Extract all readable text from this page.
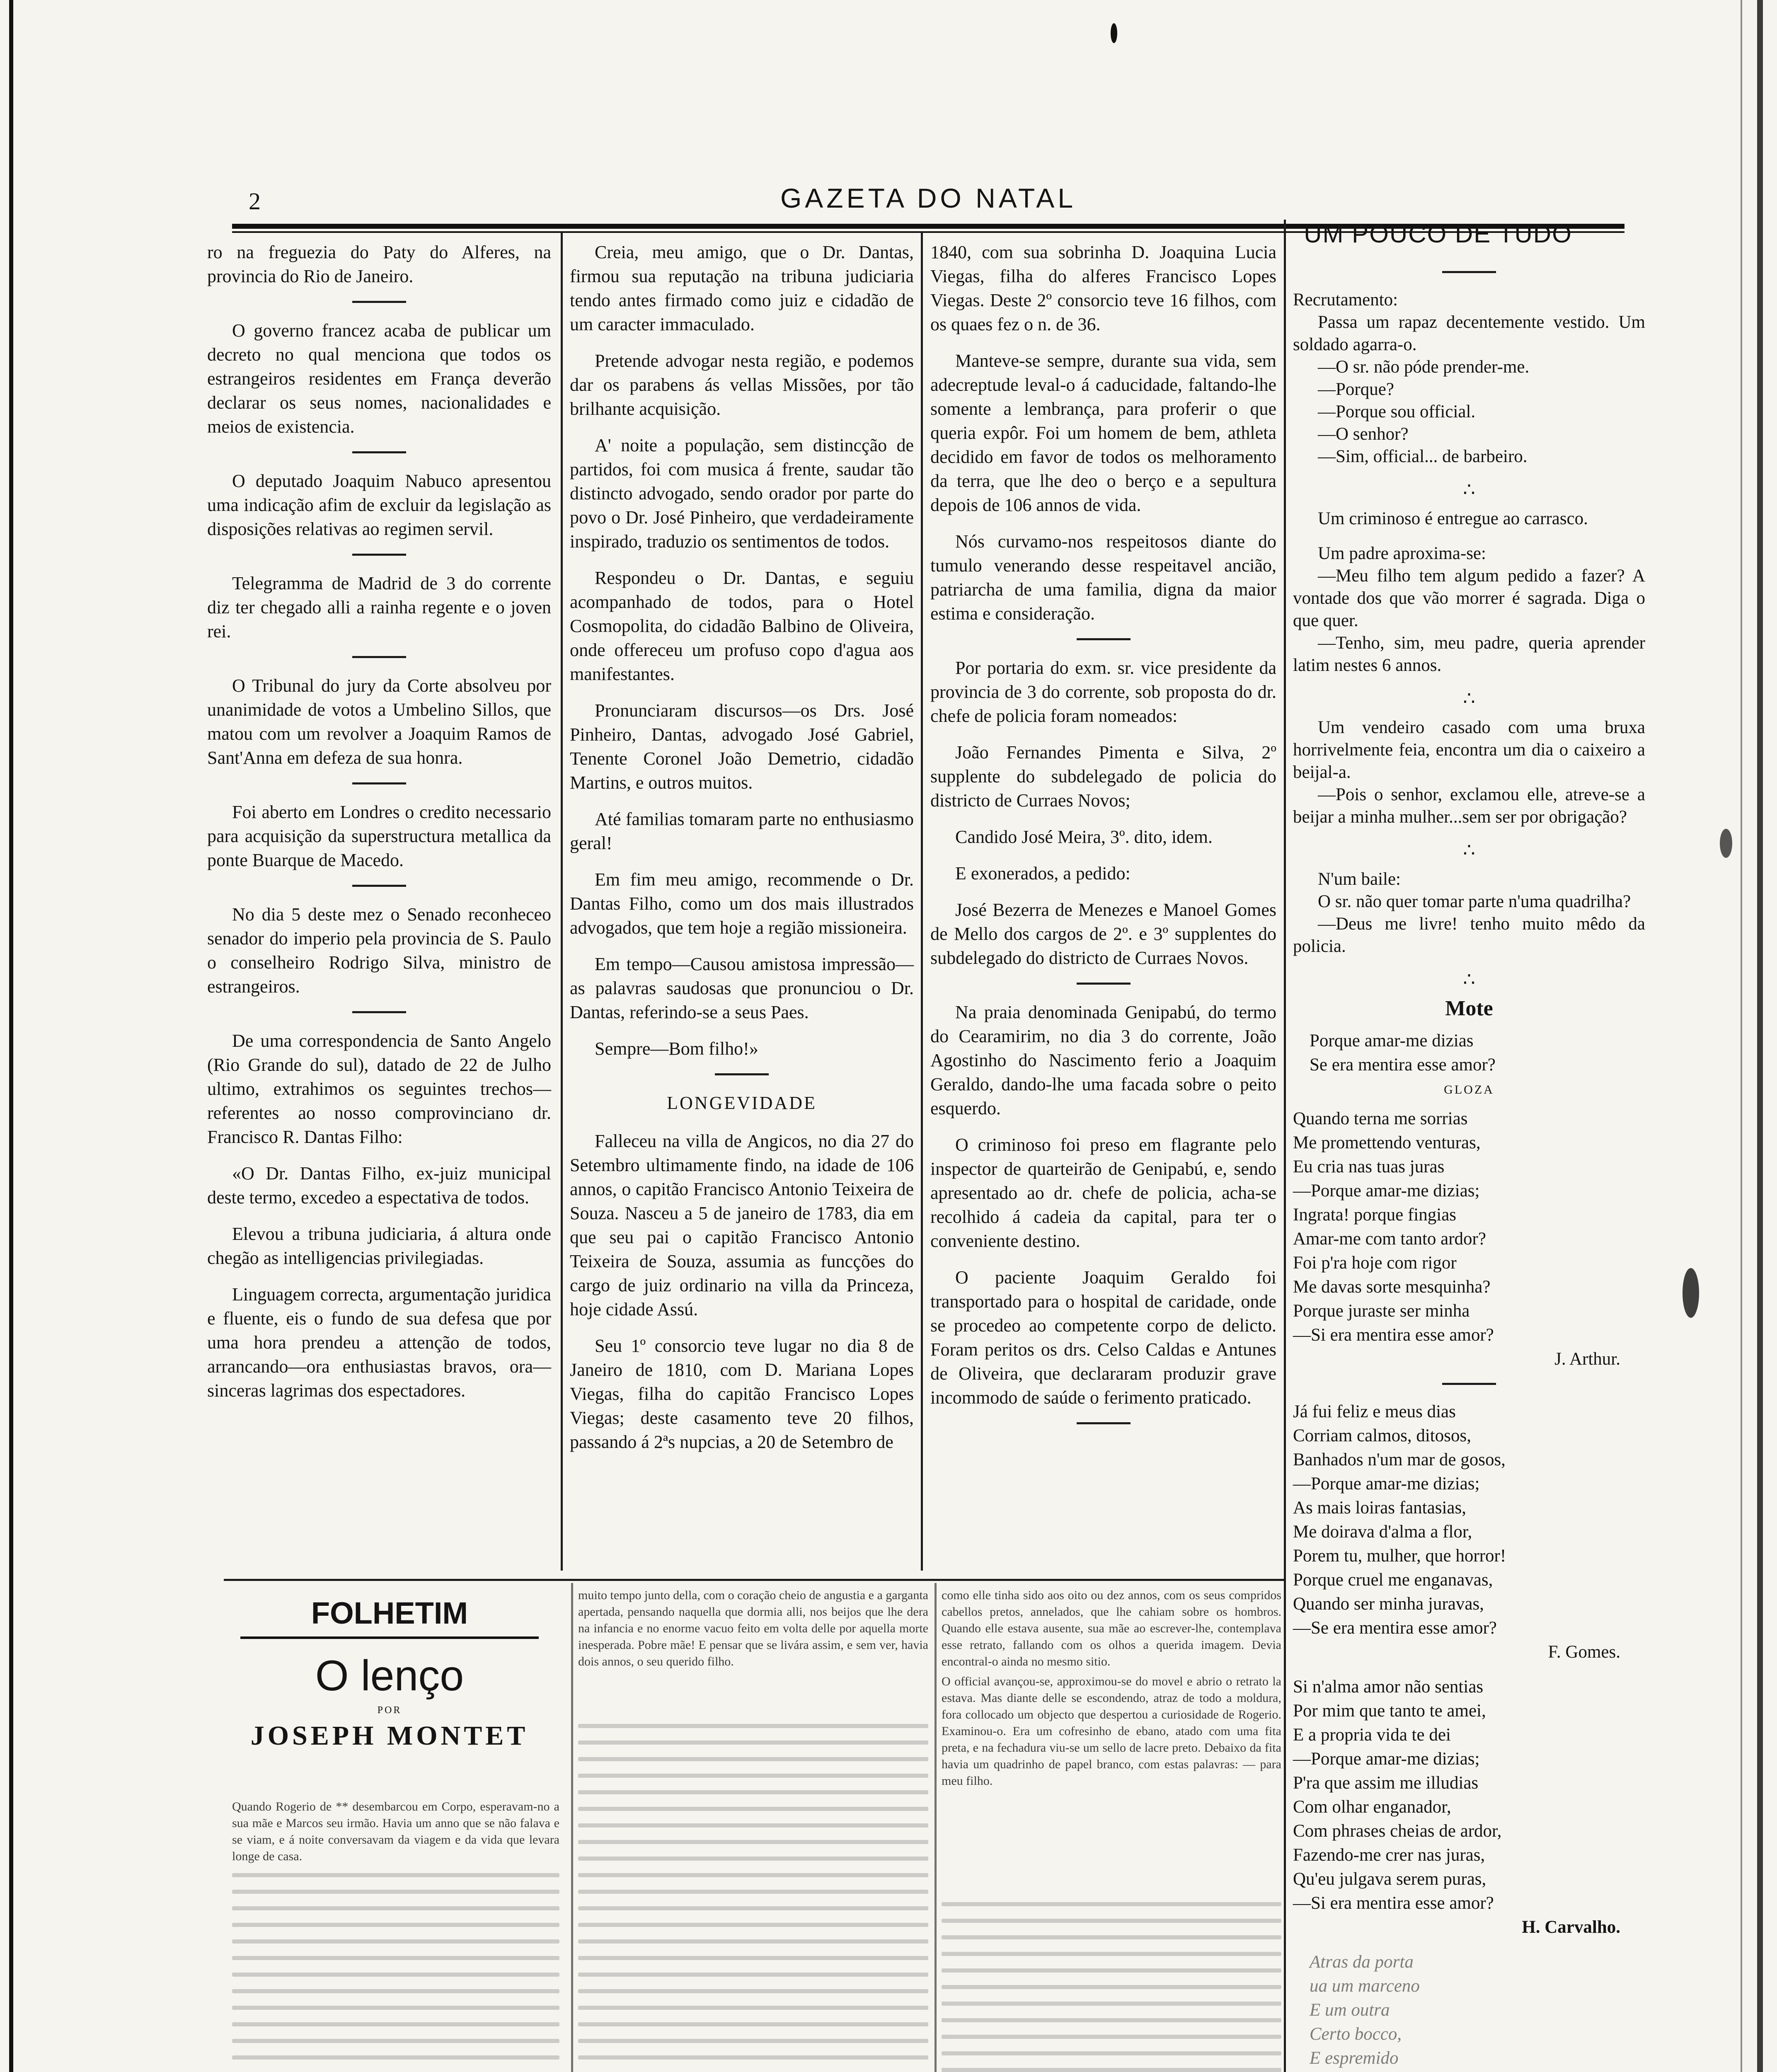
2	GAZETA DO NATAL

ro na freguezia do Paty do Alferes, na provincia do Rio de Janeiro.

O governo francez acaba de publicar um decreto no qual menciona que todos os estrangeiros residentes em França deverão declarar os seus nomes, nacionalidades e meios de existencia.

O deputado Joaquim Nabuco apresentou uma indicação afim de excluir da legislação as disposições relativas ao regimen servil.

Telegramma de Madrid de 3 do corrente diz ter chegado alli a rainha regente e o joven rei.

O Tribunal do jury da Corte absolveu por unanimidade de votos a Umbelino Sillos, que matou com um revolver a Joaquim Ramos de Sant'Anna em defeza de sua honra.

Foi aberto em Londres o credito necessario para acquisição da superstructura metallica da ponte Buarque de Macedo.

No dia 5 deste mez o Senado reconheceo senador do imperio pela provincia de S. Paulo o conselheiro Rodrigo Silva, ministro de estrangeiros.

De uma correspondencia de Santo Angelo (Rio Grande do sul), datado de 22 de Julho ultimo, extrahimos os seguintes trechos—referentes ao nosso comprovinciano dr. Francisco R. Dantas Filho:

«O Dr. Dantas Filho, ex-juiz municipal deste termo, excedeo a espectativa de todos.

Elevou a tribuna judiciaria, á altura onde chegão as intelligencias privilegiadas.

Linguagem correcta, argumentação juridica e fluente, eis o fundo de sua defesa que por uma hora prendeu a attenção de todos, arrancando—ora enthusiastas bravos, ora—sinceras lagrimas dos espectadores.

Creia, meu amigo, que o Dr. Dantas, firmou sua reputação na tribuna judiciaria tendo antes firmado como juiz e cidadão de um caracter immaculado.

Pretende advogar nesta região, e podemos dar os parabens ás vellas Missões, por tão brilhante acquisição.

A' noite a população, sem distincção de partidos, foi com musica á frente, saudar tão distincto advogado, sendo orador por parte do povo o Dr. José Pinheiro, que verdadeiramente inspirado, traduzio os sentimentos de todos.

Respondeu o Dr. Dantas, e seguiu acompanhado de todos, para o Hotel Cosmopolita, do cidadão Balbino de Oliveira, onde offereceu um profuso copo d'agua aos manifestantes.

Pronunciaram discursos—os Drs. José Pinheiro, Dantas, advogado José Gabriel, Tenente Coronel João Demetrio, cidadão Martins, e outros muitos.

Até familias tomaram parte no enthusiasmo geral!

Em fim meu amigo, recommende o Dr. Dantas Filho, como um dos mais illustrados advogados, que tem hoje a região missioneira.

Em tempo—Causou amistosa impressão—as palavras saudosas que pronunciou o Dr. Dantas, referindo-se a seus Paes.

Sempre—Bom filho!»

LONGEVIDADE

Falleceu na villa de Angicos, no dia 27 do Setembro ultimamente findo, na idade de 106 annos, o capitão Francisco Antonio Teixeira de Souza. Nasceu a 5 de janeiro de 1783, dia em que seu pai o capitão Francisco Antonio Teixeira de Souza, assumia as funcções do cargo de juiz ordinario na villa da Princeza, hoje cidade Assú.

Seu 1º consorcio teve lugar no dia 8 de Janeiro de 1810, com D. Mariana Lopes Viegas, filha do capitão Francisco Lopes Viegas; deste casamento teve 20 filhos, passando á 2ªs nupcias, a 20 de Setembro de

1840, com sua sobrinha D. Joaquina Lucia Viegas, filha do alferes Francisco Lopes Viegas. Deste 2º consorcio teve 16 filhos, com os quaes fez o n. de 36.

Manteve-se sempre, durante sua vida, sem adecreptude leval-o á caducidade, faltando-lhe somente a lembrança, para proferir o que queria expôr. Foi um homem de bem, athleta decidido em favor de todos os melhoramento da terra, que lhe deo o berço e a sepultura depois de 106 annos de vida.

Nós curvamo-nos respeitosos diante do tumulo venerando desse respeitavel ancião, patriarcha de uma familia, digna da maior estima e consideração.

Por portaria do exm. sr. vice presidente da provincia de 3 do corrente, sob proposta do dr. chefe de policia foram nomeados:

João Fernandes Pimenta e Silva, 2º supplente do subdelegado de policia do districto de Curraes Novos;

Candido José Meira, 3º. dito, idem.

E exonerados, a pedido:

José Bezerra de Menezes e Manoel Gomes de Mello dos cargos de 2º. e 3º supplentes do subdelegado do districto de Curraes Novos.

Na praia denominada Genipabú, do termo do Cearamirim, no dia 3 do corrente, João Agostinho do Nascimento ferio a Joaquim Geraldo, dando-lhe uma facada sobre o peito esquerdo.

O criminoso foi preso em flagrante pelo inspector de quarteirão de Genipabú, e, sendo apresentado ao dr. chefe de policia, acha-se recolhido á cadeia da capital, para ter o conveniente destino.

O paciente Joaquim Geraldo foi transportado para o hospital de caridade, onde se procedeo ao competente corpo de delicto. Foram peritos os drs. Celso Caldas e Antunes de Oliveira, que declararam produzir grave incommodo de saúde o ferimento praticado.

UM POUCO DE TUDO

Recrutamento:

Passa um rapaz decentemente vestido. Um soldado agarra-o.

—O sr. não póde prender-me.

—Porque?

—Porque sou official.

—O senhor?

—Sim, official... de barbeiro.

∴

Um criminoso é entregue ao carrasco.

Um padre aproxima-se:

—Meu filho tem algum pedido a fazer? A vontade dos que vão morrer é sagrada. Diga o que quer.

—Tenho, sim, meu padre, queria aprender latim nestes 6 annos.

∴

Um vendeiro casado com uma bruxa horrivelmente feia, encontra um dia o caixeiro a beijal-a.

—Pois o senhor, exclamou elle, atreve-se a beijar a minha mulher...sem ser por obrigação?

∴

N'um baile:

O sr. não quer tomar parte n'uma quadrilha?

—Deus me livre! tenho muito mêdo da policia.

∴

Mote

Porque amar-me dizias

Se era mentira esse amor?

GLOZA

Quando terna me sorrias

Me promettendo venturas,

Eu cria nas tuas juras

—Porque amar-me dizias;

Ingrata! porque fingias

Amar-me com tanto ardor?

Foi p'ra hoje com rigor

Me davas sorte mesquinha?

Porque juraste ser minha

—Si era mentira esse amor?

J. Arthur.

Já fui feliz e meus dias

Corriam calmos, ditosos,

Banhados n'um mar de gosos,

—Porque amar-me dizias;

As mais loiras fantasias,

Me doirava d'alma a flor,

Porem tu, mulher, que horror!

Porque cruel me enganavas,

Quando ser minha juravas,

—Se era mentira esse amor?

F. Gomes.

Si n'alma amor não sentias

Por mim que tanto te amei,

E a propria vida te dei

—Porque amar-me dizias;

P'ra que assim me illudias

Com olhar enganador,

Com phrases cheias de ardor,

Fazendo-me crer nas juras,

Qu'eu julgava serem puras,

—Si era mentira esse amor?

H. Carvalho.

Atras da porta

ua um marceno

E um outra

Certo bocco,

E espremido

FOLHETIM
O lenço
POR
JOSEPH MONTET

Quando Rogerio de ** desembarcou em Corpo, esperavam-no a sua mãe e Marcos seu irmão. Havia um anno que se não falava e se viam, e á noite conversavam da viagem e da vida que levara longe de casa.

muito tempo junto della, com o coração cheio de angustia e a garganta apertada, pensando naquella que dormia alli, nos beijos que lhe dera na infancia e no enorme vacuo feito em volta delle por aquella morte inesperada. Pobre mãe! E pensar que se livára assim, e sem ver, havia dois annos, o seu querido filho.

como elle tinha sido aos oito ou dez annos, com os seus compridos cabellos pretos, annelados, que lhe cahiam sobre os hombros. Quando elle estava ausente, sua mãe ao escrever-lhe, contemplava esse retrato, fallando com os olhos a querida imagem. Devia encontral-o ainda no mesmo sitio.

O official avançou-se, approximou-se do movel e abrio o retrato la estava. Mas diante delle se escondendo, atraz de todo a moldura, fora collocado um objecto que despertou a curiosidade de Rogerio. Examinou-o. Era um cofresinho de ebano, atado com uma fita preta, e na fechadura viu-se um sello de lacre preto. Debaixo da fita havia um quadrinho de papel branco, com estas palavras: — para meu filho.
